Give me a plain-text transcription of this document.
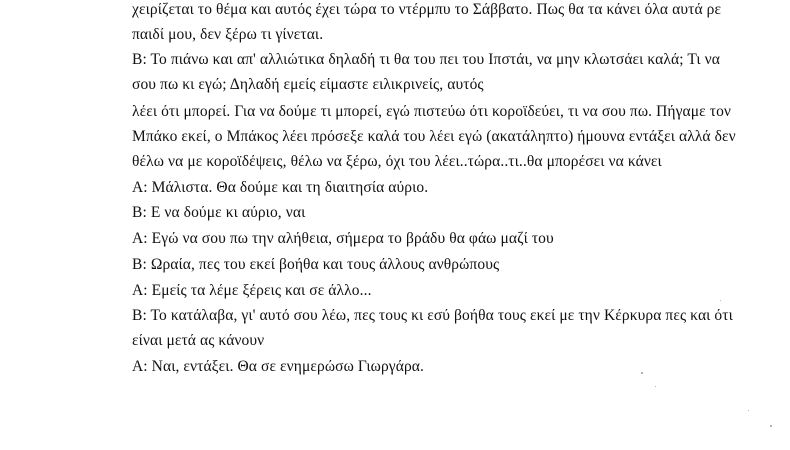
χειρίζεται το θέμα και αυτός έχει τώρα το ντέρμπυ το Σάββατο. Πως θα τα κάνει όλα αυτά ρε
παιδί μου, δεν ξέρω τι γίνεται.
Β: Το πιάνω και απ' αλλιώτικα δηλαδή τι θα του πει του Ιπστάι, να μην κλωτσάει καλά; Τι να
σου πω κι εγώ; Δηλαδή εμείς είμαστε ειλικρινείς, αυτός
λέει ότι μπορεί. Για να δούμε τι μπορεί, εγώ πιστεύω ότι κοροϊδεύει, τι να σου πω. Πήγαμε τον
Μπάκο εκεί, ο Μπάκος λέει πρόσεξε καλά του λέει εγώ (ακατάληπτο) ήμουνα εντάξει αλλά δεν
θέλω να με κοροϊδέψεις, θέλω να ξέρω, όχι του λέει..τώρα..τι..θα μπορέσει να κάνει
Α: Μάλιστα. Θα δούμε και τη διαιτησία αύριο.
Β: Ε να δούμε κι αύριο, ναι
Α: Εγώ να σου πω την αλήθεια, σήμερα το βράδυ θα φάω μαζί του
Β: Ωραία, πες του εκεί βοήθα και τους άλλους ανθρώπους
Α: Εμείς τα λέμε ξέρεις και σε άλλο...
Β: Το κατάλαβα, γι' αυτό σου λέω, πες τους κι εσύ βοήθα τους εκεί με την Κέρκυρα πες και ότι
είναι μετά ας κάνουν
Α: Ναι, εντάξει. Θα σε ενημερώσω Γιωργάρα.
